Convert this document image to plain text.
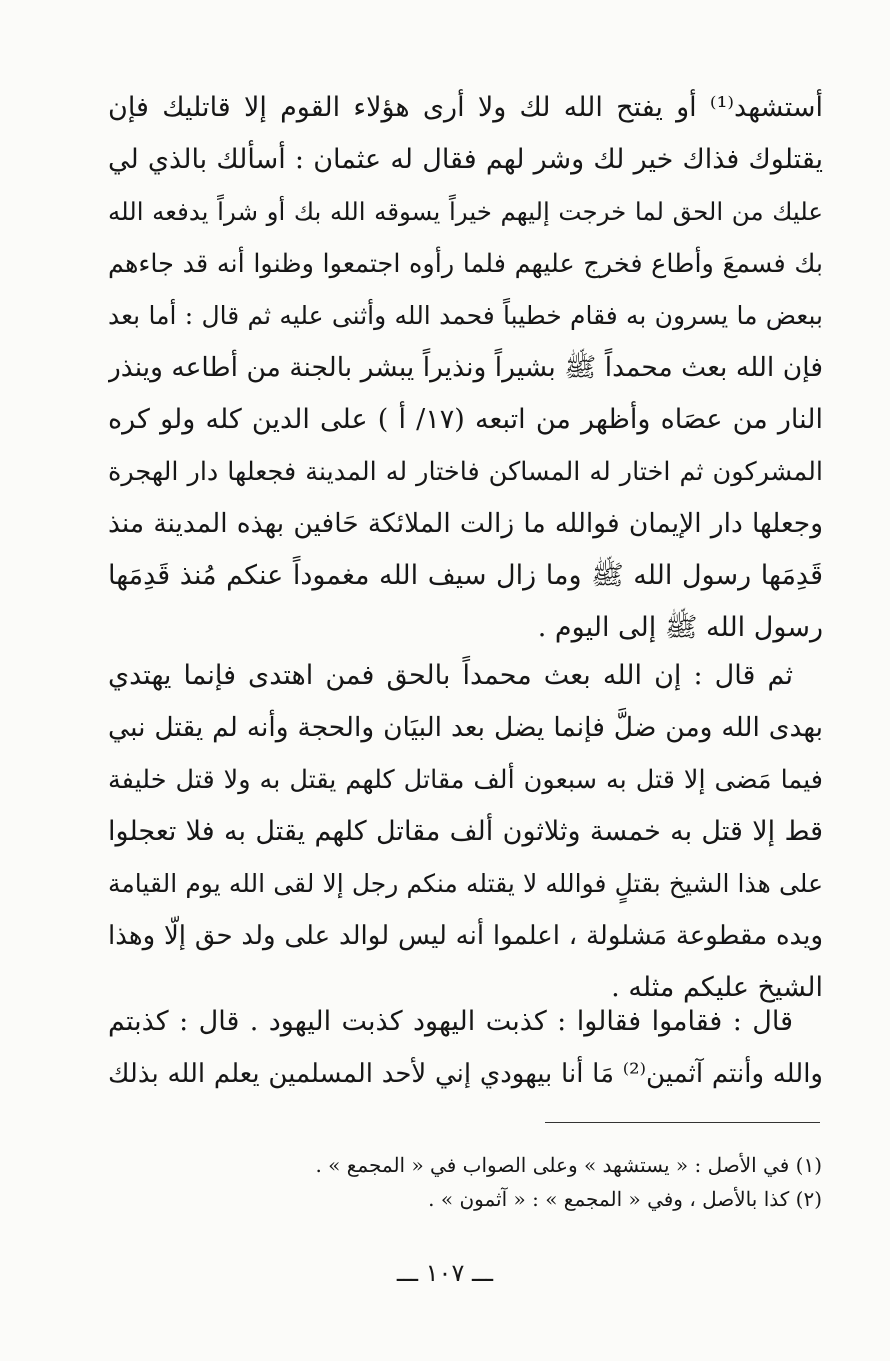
أستشهد⁽¹⁾ أو يفتح الله لك ولا أرى هؤلاء القوم إلا قاتليك فإن
يقتلوك فذاك خير لك وشر لهم فقال له عثمان : أسألك بالذي لي
عليك من الحق لما خرجت إليهم خيراً يسوقه الله بك أو شراً يدفعه الله
بك فسمعَ وأطاع فخرج عليهم فلما رأوه اجتمعوا وظنوا أنه قد جاءهم
ببعض ما يسرون به فقام خطيباً فحمد الله وأثنى عليه ثم قال : أما بعد
فإن الله بعث محمداً ﷺ بشيراً ونذيراً يبشر بالجنة من أطاعه وينذر
النار من عصَاه وأظهر من اتبعه (١٧/ أ ) على الدين كله ولو كره
المشركون ثم اختار له المساكن فاختار له المدينة فجعلها دار الهجرة
وجعلها دار الإيمان فوالله ما زالت الملائكة حَافين بهذه المدينة منذ
قَدِمَها رسول الله ﷺ وما زال سيف الله مغموداً عنكم مُنذ قَدِمَها
رسول الله ﷺ إلى اليوم .
ثم قال : إن الله بعث محمداً بالحق فمن اهتدى فإنما يهتدي
بهدى الله ومن ضلَّ فإنما يضل بعد البيَان والحجة وأنه لم يقتل نبي
فيما مَضى إلا قتل به سبعون ألف مقاتل كلهم يقتل به ولا قتل خليفة
قط إلا قتل به خمسة وثلاثون ألف مقاتل كلهم يقتل به فلا تعجلوا
على هذا الشيخ بقتلٍ فوالله لا يقتله منكم رجل إلا لقى الله يوم القيامة
ويده مقطوعة مَشلولة ، اعلموا أنه ليس لوالد على ولد حق إلّا وهذا
الشيخ عليكم مثله .
قال : فقاموا فقالوا : كذبت اليهود كذبت اليهود . قال : كذبتم
والله وأنتم آثمين⁽²⁾ مَا أنا بيهودي إني لأحد المسلمين يعلم الله بذلك
(١) في الأصل : « يستشهد » وعلى الصواب في « المجمع » .
(٢) كذا بالأصل ، وفي « المجمع » : « آثمون » .
ـــ ١٠٧ ـــ
